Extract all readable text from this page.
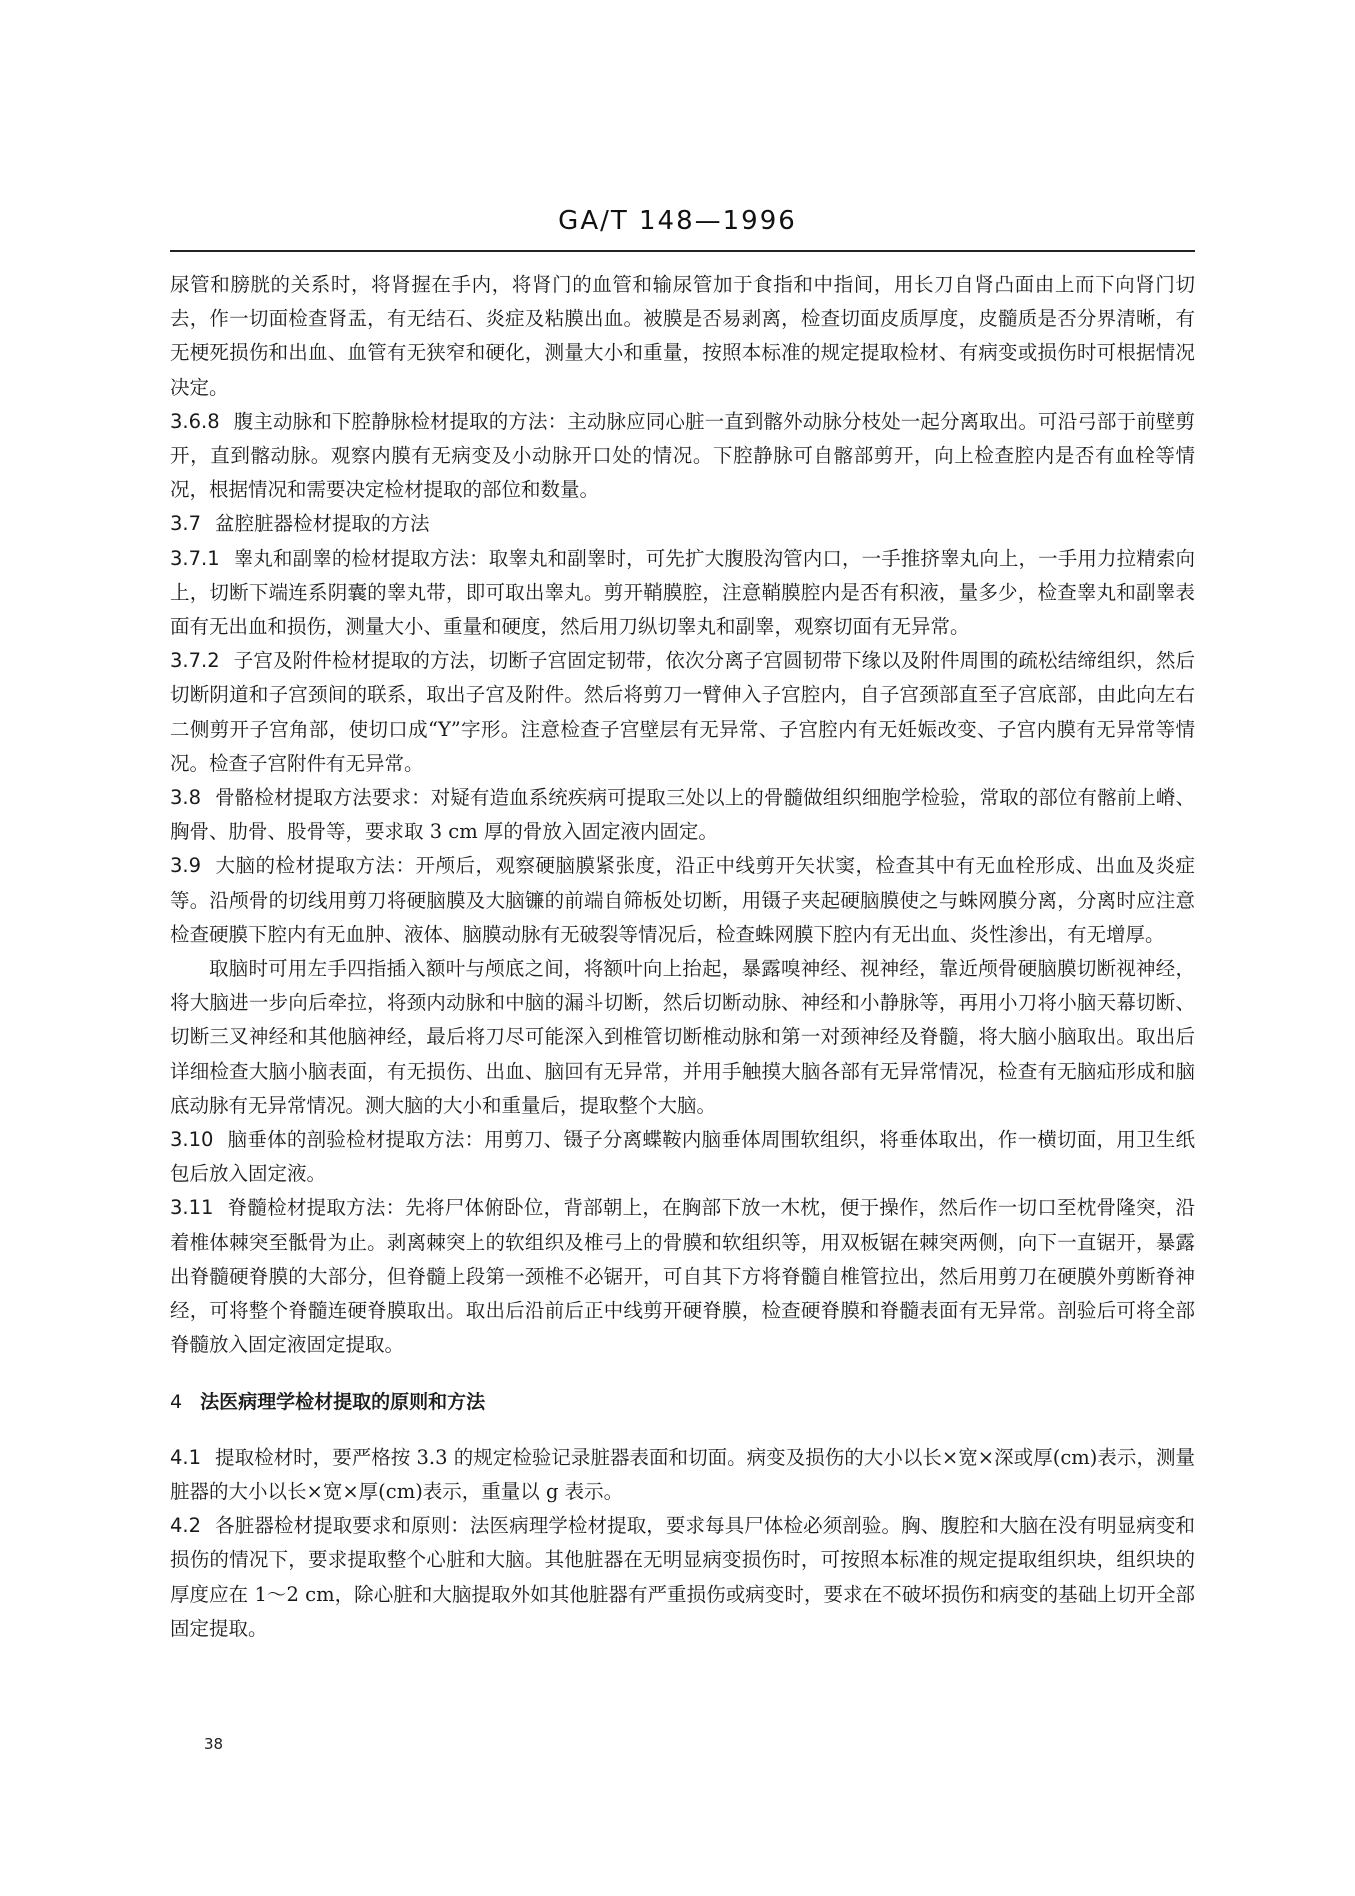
GA/T 148—1996

尿管和膀胱的关系时，将肾握在手内，将肾门的血管和输尿管加于食指和中指间，用长刀自肾凸面由上而下向肾门切去，作一切面检查肾盂，有无结石、炎症及粘膜出血。被膜是否易剥离，检查切面皮质厚度，皮髓质是否分界清晰，有无梗死损伤和出血、血管有无狭窄和硬化，测量大小和重量，按照本标准的规定提取检材、有病变或损伤时可根据情况决定。

3.6.8 腹主动脉和下腔静脉检材提取的方法：主动脉应同心脏一直到髂外动脉分枝处一起分离取出。可沿弓部于前壁剪开，直到髂动脉。观察内膜有无病变及小动脉开口处的情况。下腔静脉可自髂部剪开，向上检查腔内是否有血栓等情况，根据情况和需要决定检材提取的部位和数量。

3.7 盆腔脏器检材提取的方法

3.7.1 睾丸和副睾的检材提取方法：取睾丸和副睾时，可先扩大腹股沟管内口，一手推挤睾丸向上，一手用力拉精索向上，切断下端连系阴囊的睾丸带，即可取出睾丸。剪开鞘膜腔，注意鞘膜腔内是否有积液，量多少，检查睾丸和副睾表面有无出血和损伤，测量大小、重量和硬度，然后用刀纵切睾丸和副睾，观察切面有无异常。

3.7.2 子宫及附件检材提取的方法，切断子宫固定韧带，依次分离子宫圆韧带下缘以及附件周围的疏松结缔组织，然后切断阴道和子宫颈间的联系，取出子宫及附件。然后将剪刀一臂伸入子宫腔内，自子宫颈部直至子宫底部，由此向左右二侧剪开子宫角部，使切口成“Y”字形。注意检查子宫壁层有无异常、子宫腔内有无妊娠改变、子宫内膜有无异常等情况。检查子宫附件有无异常。

3.8 骨骼检材提取方法要求：对疑有造血系统疾病可提取三处以上的骨髓做组织细胞学检验，常取的部位有髂前上嵴、胸骨、肋骨、股骨等，要求取 3 cm 厚的骨放入固定液内固定。

3.9 大脑的检材提取方法：开颅后，观察硬脑膜紧张度，沿正中线剪开矢状窦，检查其中有无血栓形成、出血及炎症等。沿颅骨的切线用剪刀将硬脑膜及大脑镰的前端自筛板处切断，用镊子夹起硬脑膜使之与蛛网膜分离，分离时应注意检查硬膜下腔内有无血肿、液体、脑膜动脉有无破裂等情况后，检查蛛网膜下腔内有无出血、炎性渗出，有无增厚。

取脑时可用左手四指插入额叶与颅底之间，将额叶向上抬起，暴露嗅神经、视神经，靠近颅骨硬脑膜切断视神经，将大脑进一步向后牵拉，将颈内动脉和中脑的漏斗切断，然后切断动脉、神经和小静脉等，再用小刀将小脑天幕切断、切断三叉神经和其他脑神经，最后将刀尽可能深入到椎管切断椎动脉和第一对颈神经及脊髓，将大脑小脑取出。取出后详细检查大脑小脑表面，有无损伤、出血、脑回有无异常，并用手触摸大脑各部有无异常情况，检查有无脑疝形成和脑底动脉有无异常情况。测大脑的大小和重量后，提取整个大脑。

3.10 脑垂体的剖验检材提取方法：用剪刀、镊子分离蝶鞍内脑垂体周围软组织，将垂体取出，作一横切面，用卫生纸包后放入固定液。

3.11 脊髓检材提取方法：先将尸体俯卧位，背部朝上，在胸部下放一木枕，便于操作，然后作一切口至枕骨隆突，沿着椎体棘突至骶骨为止。剥离棘突上的软组织及椎弓上的骨膜和软组织等，用双板锯在棘突两侧，向下一直锯开，暴露出脊髓硬脊膜的大部分，但脊髓上段第一颈椎不必锯开，可自其下方将脊髓自椎管拉出，然后用剪刀在硬膜外剪断脊神经，可将整个脊髓连硬脊膜取出。取出后沿前后正中线剪开硬脊膜，检查硬脊膜和脊髓表面有无异常。剖验后可将全部脊髓放入固定液固定提取。

4 法医病理学检材提取的原则和方法

4.1 提取检材时，要严格按 3.3 的规定检验记录脏器表面和切面。病变及损伤的大小以长×宽×深或厚(cm)表示，测量脏器的大小以长×宽×厚(cm)表示，重量以 g 表示。

4.2 各脏器检材提取要求和原则：法医病理学检材提取，要求每具尸体检必须剖验。胸、腹腔和大脑在没有明显病变和损伤的情况下，要求提取整个心脏和大脑。其他脏器在无明显病变损伤时，可按照本标准的规定提取组织块，组织块的厚度应在 1～2 cm，除心脏和大脑提取外如其他脏器有严重损伤或病变时，要求在不破坏损伤和病变的基础上切开全部固定提取。

38
